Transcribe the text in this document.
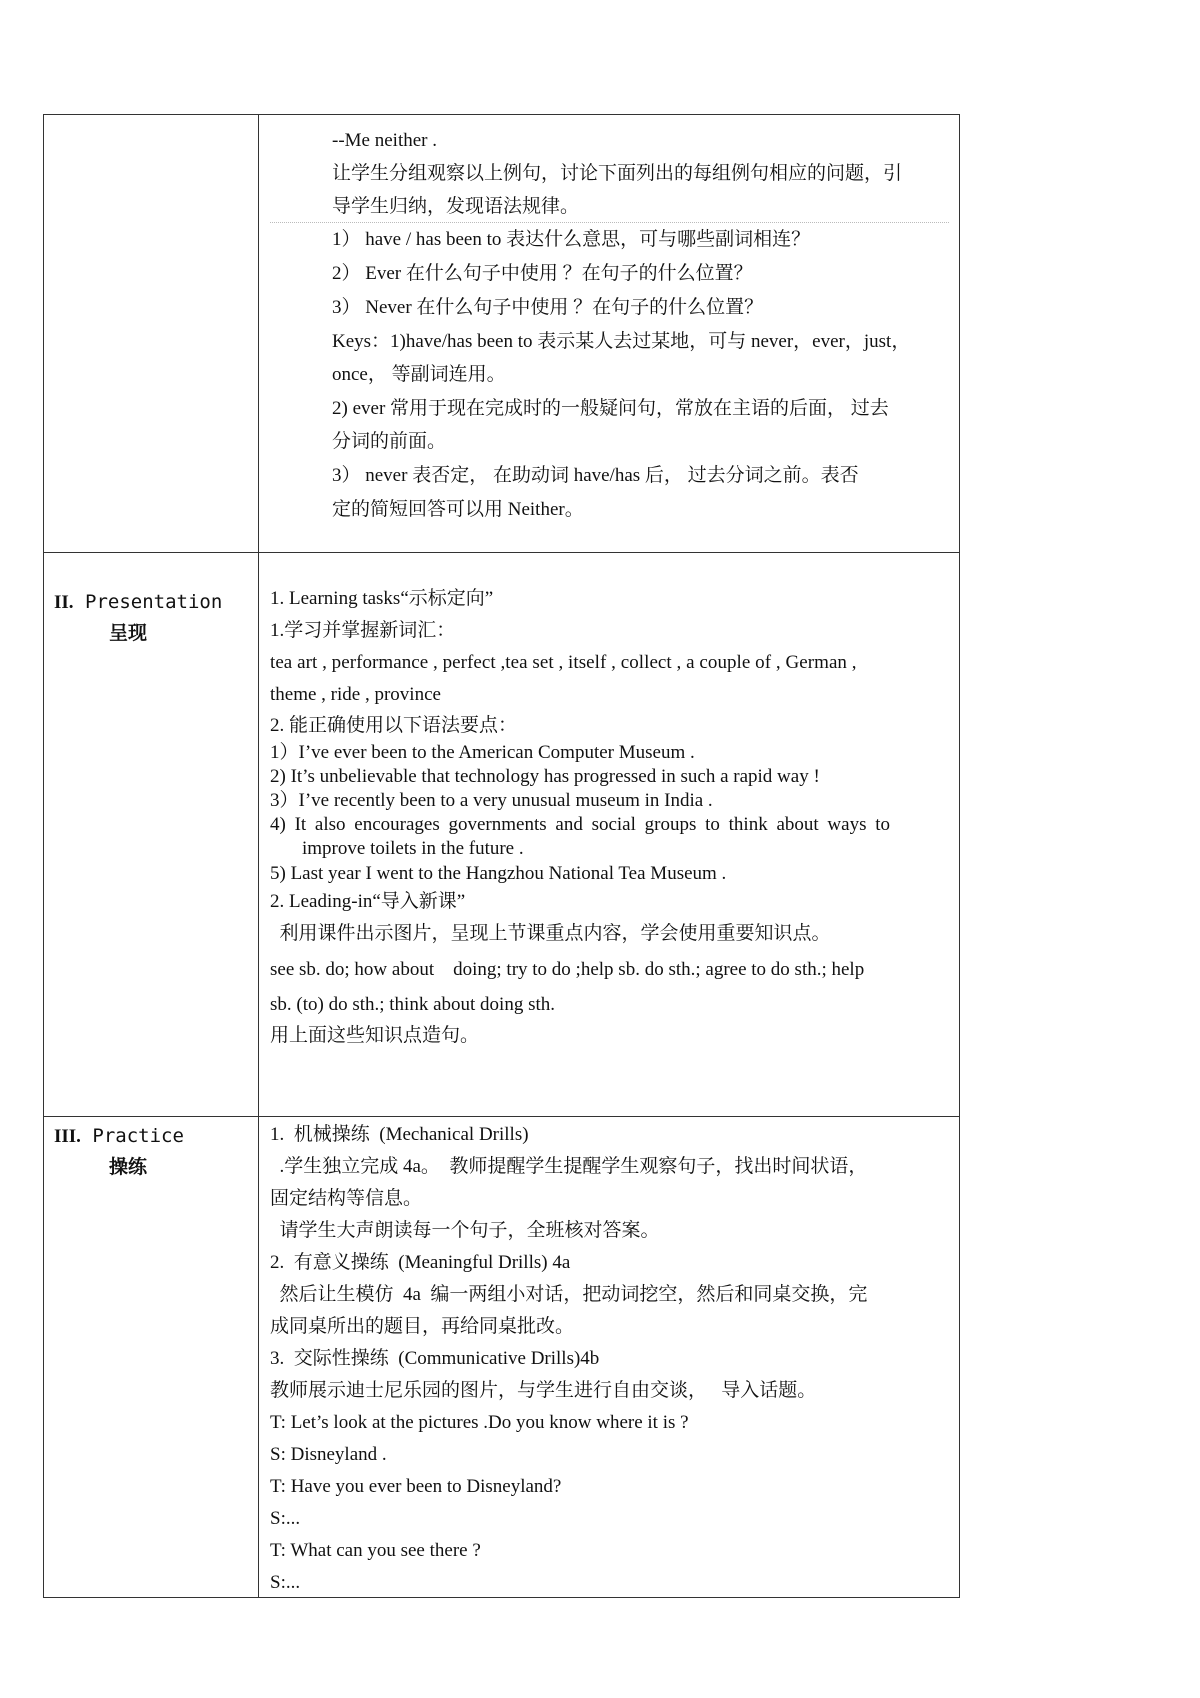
--Me neither .
让学生分组观察以上例句，讨论下面列出的每组例句相应的问题，引
导学生归纳，发现语法规律。
1） have / has been to 表达什么意思，可与哪些副词相连？
2） Ever 在什么句子中使用 ？在句子的什么位置？
3） Never 在什么句子中使用 ？在句子的什么位置？
Keys：1)have/has been to 表示某人去过某地，可与 never，ever，just，
once， 等副词连用。
2) ever 常用于现在完成时的一般疑问句，常放在主语的后面， 过去
分词的前面。
3） never 表否定， 在助动词 have/has 后， 过去分词之前。表否
定的简短回答可以用 Neither。
II. Presentation
呈现
1. Learning tasks“示标定向”
1.学习并掌握新词汇：
tea art , performance , perfect ,tea set , itself , collect , a couple of , German ,
theme , ride , province
2. 能正确使用以下语法要点：
1）I’ve ever been to the American Computer Museum .
2) It’s unbelievable that technology has progressed in such a rapid way !
3）I’ve recently been to a very unusual museum in India .
4) It also encourages governments and social groups to think about ways to
improve toilets in the future .
5) Last year I went to the Hangzhou National Tea Museum .
2. Leading-in“导入新课”
利用课件出示图片，呈现上节课重点内容，学会使用重要知识点。
see sb. do; how about    doing; try to do ;help sb. do sth.; agree to do sth.; help
sb. (to) do sth.; think about doing sth.
用上面这些知识点造句。
III. Practice
操练
1.  机械操练  (Mechanical Drills)
.学生独立完成 4a。  教师提醒学生提醒学生观察句子，找出时间状语，
固定结构等信息。
请学生大声朗读每一个句子，全班核对答案。
2.  有意义操练  (Meaningful Drills) 4a
然后让生模仿  4a  编一两组小对话，把动词挖空，然后和同桌交换，完
成同桌所出的题目，再给同桌批改。
3.  交际性操练  (Communicative Drills)4b
教师展示迪士尼乐园的图片，与学生进行自由交谈，   导入话题。
T: Let’s look at the pictures .Do you know where it is ?
S: Disneyland .
T: Have you ever been to Disneyland?
S:...
T: What can you see there ?
S:...
